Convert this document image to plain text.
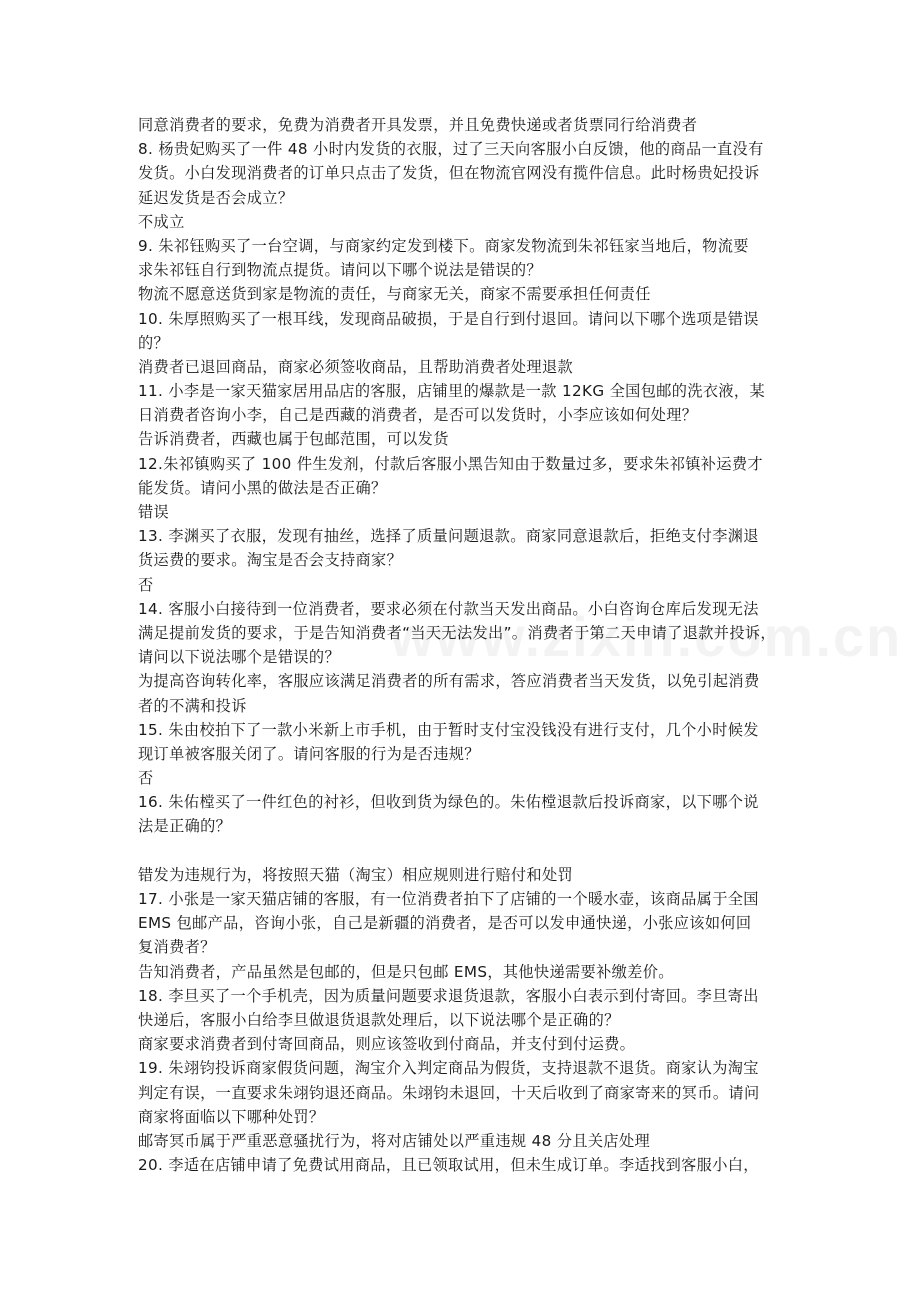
同意消费者的要求，免费为消费者开具发票，并且免费快递或者货票同行给消费者
8. 杨贵妃购买了一件 48 小时内发货的衣服，过了三天向客服小白反馈，他的商品一直没有
发货。小白发现消费者的订单只点击了发货，但在物流官网没有揽件信息。此时杨贵妃投诉
延迟发货是否会成立？
不成立
9. 朱祁钰购买了一台空调，与商家约定发到楼下。商家发物流到朱祁钰家当地后，物流要
求朱祁钰自行到物流点提货。请问以下哪个说法是错误的？
物流不愿意送货到家是物流的责任，与商家无关，商家不需要承担任何责任
10. 朱厚照购买了一根耳线，发现商品破损，于是自行到付退回。请问以下哪个选项是错误
的？
消费者已退回商品，商家必须签收商品，且帮助消费者处理退款
11. 小李是一家天猫家居用品店的客服，店铺里的爆款是一款 12KG 全国包邮的洗衣液，某
日消费者咨询小李，自己是西藏的消费者，是否可以发货时，小李应该如何处理？
告诉消费者，西藏也属于包邮范围，可以发货
12.朱祁镇购买了 100 件生发剂，付款后客服小黑告知由于数量过多，要求朱祁镇补运费才
能发货。请问小黑的做法是否正确？
错误
13. 李渊买了衣服，发现有抽丝，选择了质量问题退款。商家同意退款后，拒绝支付李渊退
货运费的要求。淘宝是否会支持商家？
否
14. 客服小白接待到一位消费者，要求必须在付款当天发出商品。小白咨询仓库后发现无法
满足提前发货的要求，于是告知消费者“当天无法发出”。消费者于第二天申请了退款并投诉，
请问以下说法哪个是错误的？
为提高咨询转化率，客服应该满足消费者的所有需求，答应消费者当天发货，以免引起消费
者的不满和投诉
15. 朱由校拍下了一款小米新上市手机，由于暂时支付宝没钱没有进行支付，几个小时候发
现订单被客服关闭了。请问客服的行为是否违规？
否
16. 朱佑樘买了一件红色的衬衫，但收到货为绿色的。朱佑樘退款后投诉商家，以下哪个说
法是正确的？
错发为违规行为，将按照天猫（淘宝）相应规则进行赔付和处罚
17. 小张是一家天猫店铺的客服，有一位消费者拍下了店铺的一个暖水壶，该商品属于全国
EMS 包邮产品，咨询小张，自己是新疆的消费者，是否可以发申通快递，小张应该如何回
复消费者？
告知消费者，产品虽然是包邮的，但是只包邮 EMS，其他快递需要补缴差价。
18. 李旦买了一个手机壳，因为质量问题要求退货退款，客服小白表示到付寄回。李旦寄出
快递后，客服小白给李旦做退货退款处理后，以下说法哪个是正确的？
商家要求消费者到付寄回商品，则应该签收到付商品，并支付到付运费。
19. 朱翊钧投诉商家假货问题，淘宝介入判定商品为假货，支持退款不退货。商家认为淘宝
判定有误，一直要求朱翊钧退还商品。朱翊钧未退回，十天后收到了商家寄来的冥币。请问
商家将面临以下哪种处罚？
邮寄冥币属于严重恶意骚扰行为，将对店铺处以严重违规 48 分且关店处理
20. 李适在店铺申请了免费试用商品，且已领取试用，但未生成订单。李适找到客服小白，
